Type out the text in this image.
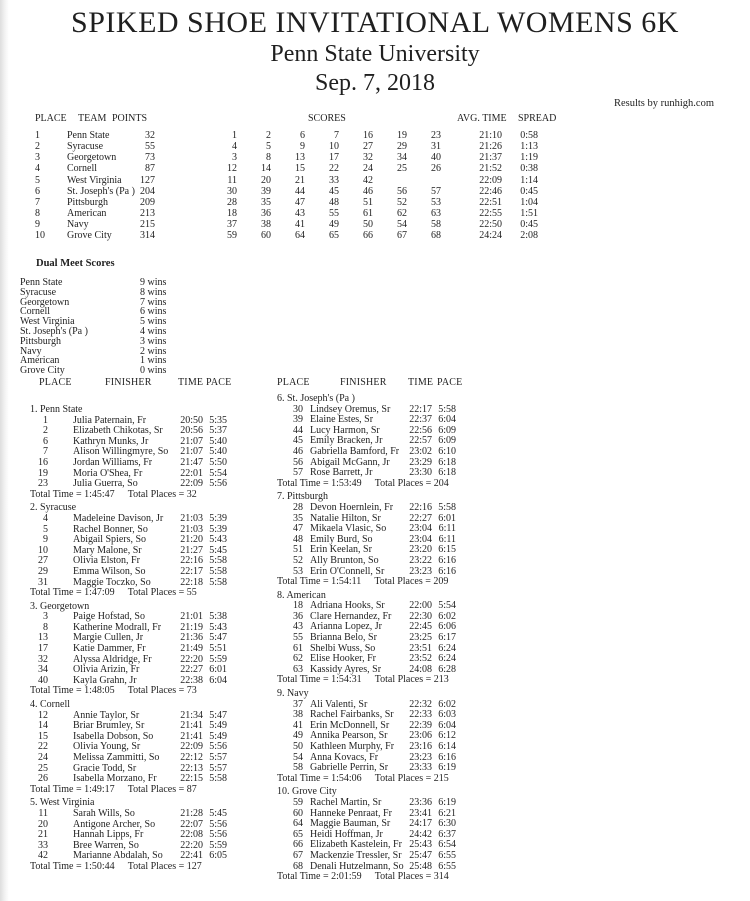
SPIKED SHOE INVITATIONAL WOMENS 6K
Penn State University
Sep. 7, 2018
Results by runhigh.com
PLACE TEAM POINTS	SCORES	AVG. TIME SPREAD
1	Penn State	32	1	2	6	7	16	19	23	21:10	0:58
2	Syracuse	55	4	5	9	10	27	29	31	21:26	1:13
3	Georgetown	73	3	8	13	17	32	34	40	21:37	1:19
4	Cornell	87	12	14	15	22	24	25	26	21:52	0:38
5	West Virginia	127	11	20	21	33	42	22:09	1:14
6	St. Joseph's (Pa ) 204	30	39	44	45	46	56	57	22:46	0:45
7	Pittsburgh	209	28	35	47	48	51	52	53	22:51	1:04
8	American	213	18	36	43	55	61	62	63	22:55	1:51
9	Navy	215	37	38	41	49	50	54	58	22:50	0:45
10	Grove City	314	59	60	64	65	66	67	68	24:24	2:08
Dual Meet Scores
Penn State	9 wins
Syracuse	8 wins
Georgetown	7 wins
Cornell	6 wins
West Virginia	5 wins
St. Joseph's (Pa )	4 wins
Pittsburgh	3 wins
Navy	2 wins
American	1 wins
Grove City	0 wins
PLACE	FINISHER	TIME PACE	PLACE	FINISHER TIME PACE
1. Penn State
1	Julia Paternain, Fr	20:50 5:35
2	Elizabeth Chikotas, Sr	20:56 5:37
6	Kathryn Munks, Jr	21:07 5:40
7	Alison Willingmyre, So	21:07 5:40
16	Jordan Williams, Fr	21:47 5:50
19	Moria O'Shea, Fr	22:01 5:54
23	Julia Guerra, So	22:09 5:56
Total Time = 1:45:47 Total Places = 32
2. Syracuse
4	Madeleine Davison, Jr	21:03 5:39
5	Rachel Bonner, So	21:03 5:39
9	Abigail Spiers, So	21:20 5:43
10	Mary Malone, Sr	21:27 5:45
27	Olivia Elston, Fr	22:16 5:58
29	Emma Wilson, So	22:17 5:58
31	Maggie Toczko, So	22:18 5:58
Total Time = 1:47:09 Total Places = 55
3. Georgetown
3	Paige Hofstad, So	21:01 5:38
8	Katherine Modrall, Fr	21:19 5:43
13	Margie Cullen, Jr	21:36 5:47
17	Katie Dammer, Fr	21:49 5:51
32	Alyssa Aldridge, Fr	22:20 5:59
34	Olivia Arizin, Fr	22:27 6:01
40	Kayla Grahn, Jr	22:38 6:04
Total Time = 1:48:05 Total Places = 73
4. Cornell
12	Annie Taylor, Sr	21:34 5:47
14	Briar Brumley, Sr	21:41 5:49
15	Isabella Dobson, So	21:41 5:49
22	Olivia Young, Sr	22:09 5:56
24	Melissa Zammitti, So	22:12 5:57
25	Gracie Todd, Sr	22:13 5:57
26	Isabella Morzano, Fr	22:15 5:58
Total Time = 1:49:17 Total Places = 87
5. West Virginia
11	Sarah Wills, So	21:28 5:45
20	Antigone Archer, So	22:07 5:56
21	Hannah Lipps, Fr	22:08 5:56
33	Bree Warren, So	22:20 5:59
42	Marianne Abdalah, So	22:41 6:05
Total Time = 1:50:44 Total Places = 127
6. St. Joseph's (Pa )
30 Lindsey Oremus, Sr	22:17 5:58
39 Elaine Estes, Sr	22:37 6:04
44 Lucy Harmon, Sr	22:56 6:09
45 Emily Bracken, Jr	22:57 6:09
46 Gabriella Bamford, Fr	23:02 6:10
56 Abigail McGann, Jr	23:29 6:18
57 Rose Barrett, Jr	23:30 6:18
Total Time = 1:53:49 Total Places = 204
7. Pittsburgh
28 Devon Hoernlein, Fr	22:16 5:58
35 Natalie Hilton, Sr	22:27 6:01
47 Mikaela Vlasic, So	23:04 6:11
48 Emily Burd, So	23:04 6:11
51 Erin Keelan, Sr	23:20 6:15
52 Ally Brunton, So	23:22 6:16
53 Erin O'Connell, Sr	23:23 6:16
Total Time = 1:54:11 Total Places = 209
8. American
18 Adriana Hooks, Sr	22:00 5:54
36 Clare Hernandez, Fr	22:30 6:02
43 Arianna Lopez, Jr	22:45 6:06
55 Brianna Belo, Sr	23:25 6:17
61 Shelbi Wuss, So	23:51 6:24
62 Elise Hooker, Fr	23:52 6:24
63 Kassidy Ayres, Sr	24:08 6:28
Total Time = 1:54:31 Total Places = 213
9. Navy
37 Ali Valenti, Sr	22:32 6:02
38 Rachel Fairbanks, Sr	22:33 6:03
41 Erin McDonnell, Sr	22:39 6:04
49 Annika Pearson, Sr	23:06 6:12
50 Kathleen Murphy, Fr	23:16 6:14
54 Anna Kovacs, Fr	23:23 6:16
58 Gabrielle Perrin, Sr	23:33 6:19
Total Time = 1:54:06 Total Places = 215
10. Grove City
59 Rachel Martin, Sr	23:36 6:19
60 Hanneke Penraat, Fr	23:41 6:21
64 Maggie Bauman, Sr	24:17 6:30
65 Heidi Hoffman, Jr	24:42 6:37
66 Elizabeth Kastelein, Fr 25:43 6:54
67 Mackenzie Tressler, Sr 25:47 6:55
68 Denali Hutzelmann, So 25:48 6:55
Total Time = 2:01:59 Total Places = 314
